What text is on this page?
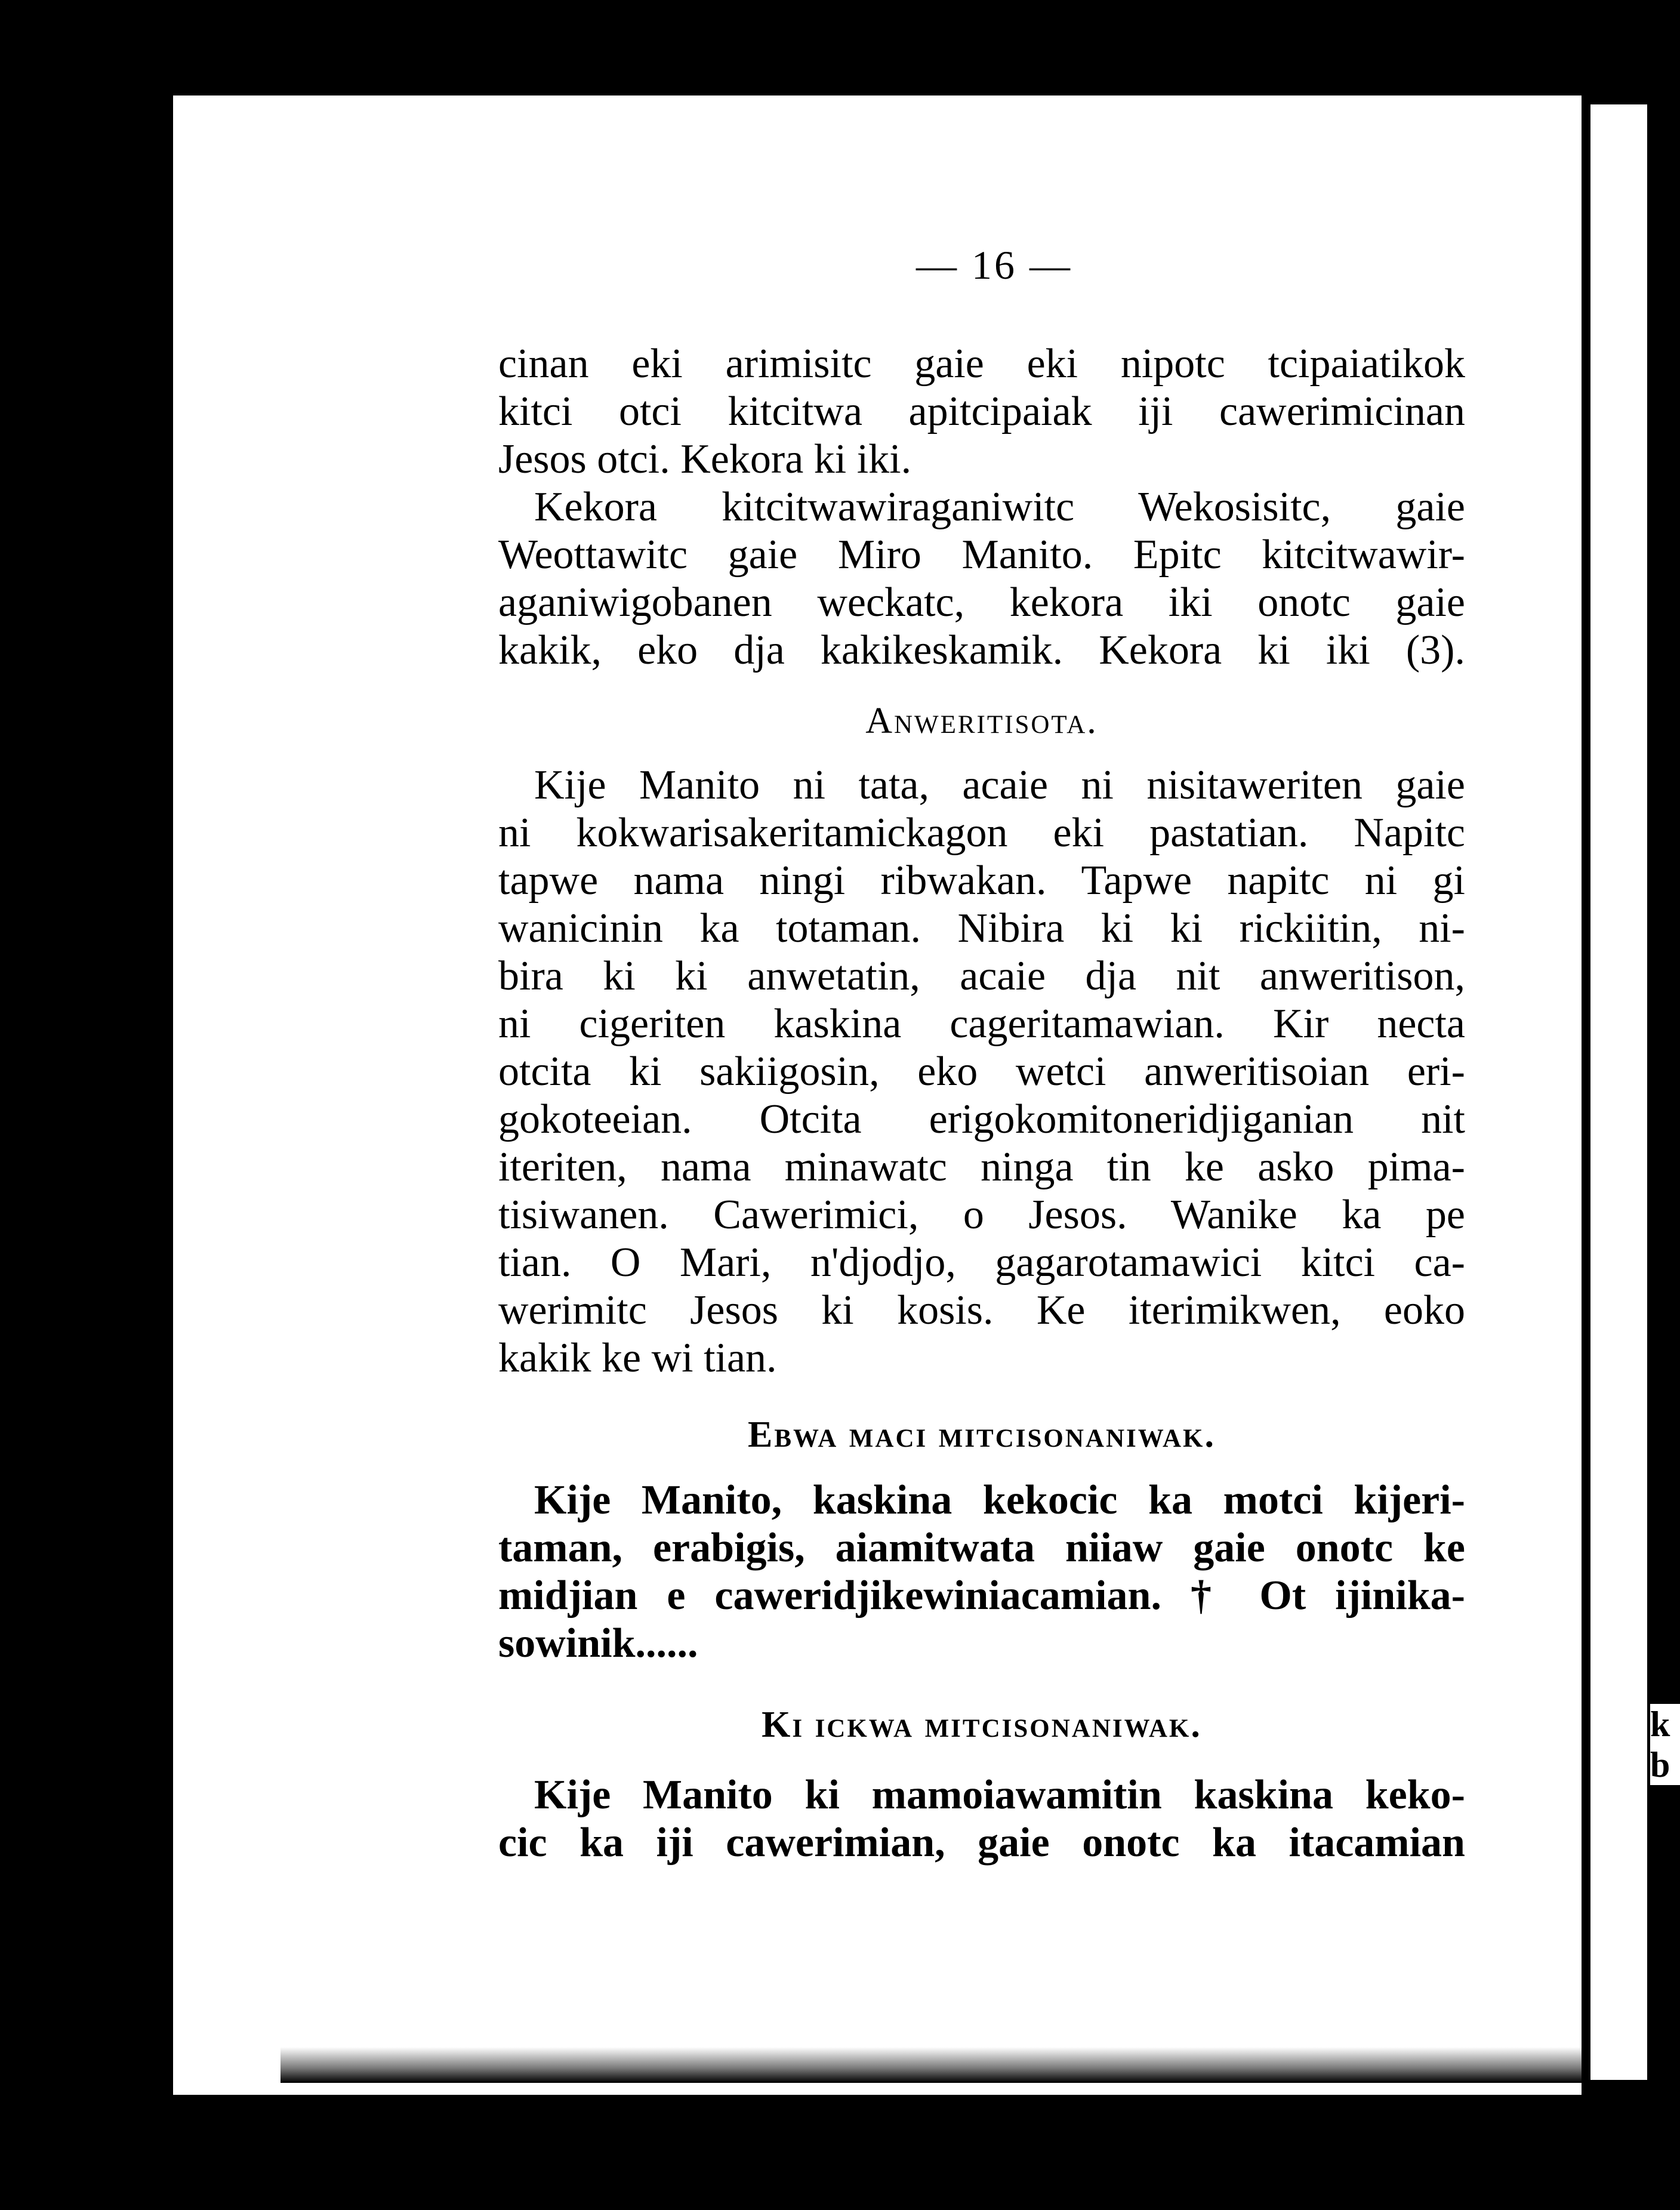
— 16 —
cinan eki arimisitc gaie eki nipotc tcipaiatikok
kitci otci kitcitwa apitcipaiak iji cawerimicinan
Jesos otci. Kekora ki iki.
Kekora kitcitwawiraganiwitc Wekosisitc, gaie
Weottawitc gaie Miro Manito. Epitc kitcitwawir-
aganiwigobanen weckatc, kekora iki onotc gaie
kakik, eko dja kakikeskamik. Kekora ki iki (3).

Anweritisota.

Kije Manito ni tata, acaie ni nisitaweriten gaie
ni kokwarisakeritamickagon eki pastatian. Napitc
tapwe nama ningi ribwakan. Tapwe napitc ni gi
wanicinin ka totaman. Nibira ki ki rickiitin, ni-
bira ki ki anwetatin, acaie dja nit anweritison,
ni cigeriten kaskina cageritamawian. Kir necta
otcita ki sakiigosin, eko wetci anweritisoian eri-
gokoteeian. Otcita erigokomitoneridjiganian nit
iteriten, nama minawatc ninga tin ke asko pima-
tisiwanen. Cawerimici, o Jesos. Wanike ka pe
tian. O Mari, n'djodjo, gagarotamawici kitci ca-
werimitc Jesos ki kosis. Ke iterimikwen, eoko
kakik ke wi tian.

Ebwa maci mitcisonaniwak.

Kije Manito, kaskina kekocic ka motci kijeri-
taman, erabigis, aiamitwata niiaw gaie onotc ke
midjian e caweridjikewiniacamian. † Ot ijinika-
sowinik......

Ki ickwa mitcisonaniwak.

Kije Manito ki mamoiawamitin kaskina keko-
cic ka iji cawerimian, gaie onotc ka itacamian
k
b
